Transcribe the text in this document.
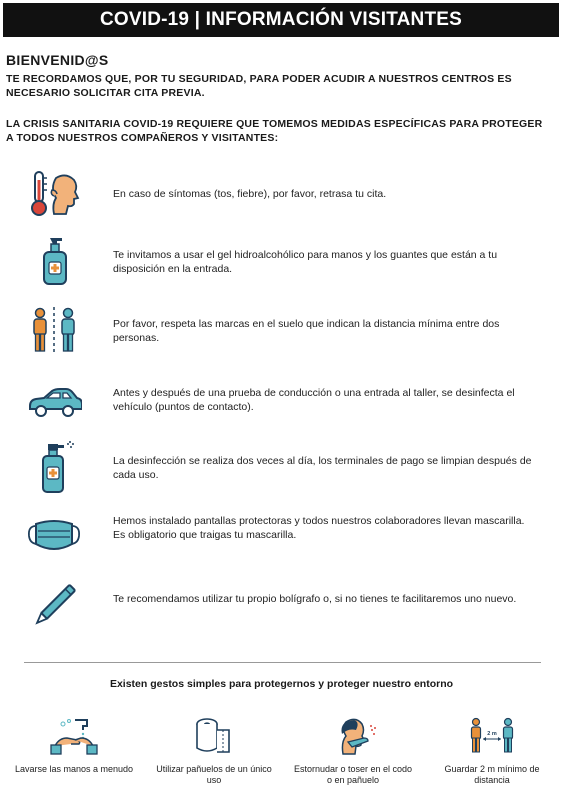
COVID-19 | INFORMACIÓN VISITANTES
BIENVENID@S
TE RECORDAMOS QUE, POR TU SEGURIDAD, PARA PODER ACUDIR A NUESTROS CENTROS ES NECESARIO SOLICITAR CITA PREVIA.
LA CRISIS SANITARIA COVID-19 REQUIERE QUE TOMEMOS MEDIDAS ESPECÍFICAS PARA PROTEGER A TODOS NUESTROS COMPAÑEROS Y VISITANTES:
En caso de síntomas (tos, fiebre), por favor, retrasa tu cita.
Te invitamos a usar el gel hidroalcohólico para manos y los guantes que están a tu disposición en la entrada.
Por favor, respeta las marcas en el suelo que indican la distancia mínima entre dos personas.
Antes y después de una prueba de conducción o una entrada al taller, se desinfecta el vehículo (puntos de contacto).
La desinfección se realiza dos veces al día, los terminales de pago se limpian después de cada uso.
Hemos instalado pantallas protectoras y todos nuestros colaboradores llevan mascarilla.
Es obligatorio que traigas tu mascarilla.
Te recomendamos utilizar tu propio bolígrafo o, si no tienes te facilitaremos uno nuevo.
Existen gestos simples para protegernos y proteger nuestro entorno
Lavarse las manos a menudo	Utilizar pañuelos de un único uso
Estornudar o toser en el codo o en pañuelo
2 m
Guardar 2 m mínimo de distancia
